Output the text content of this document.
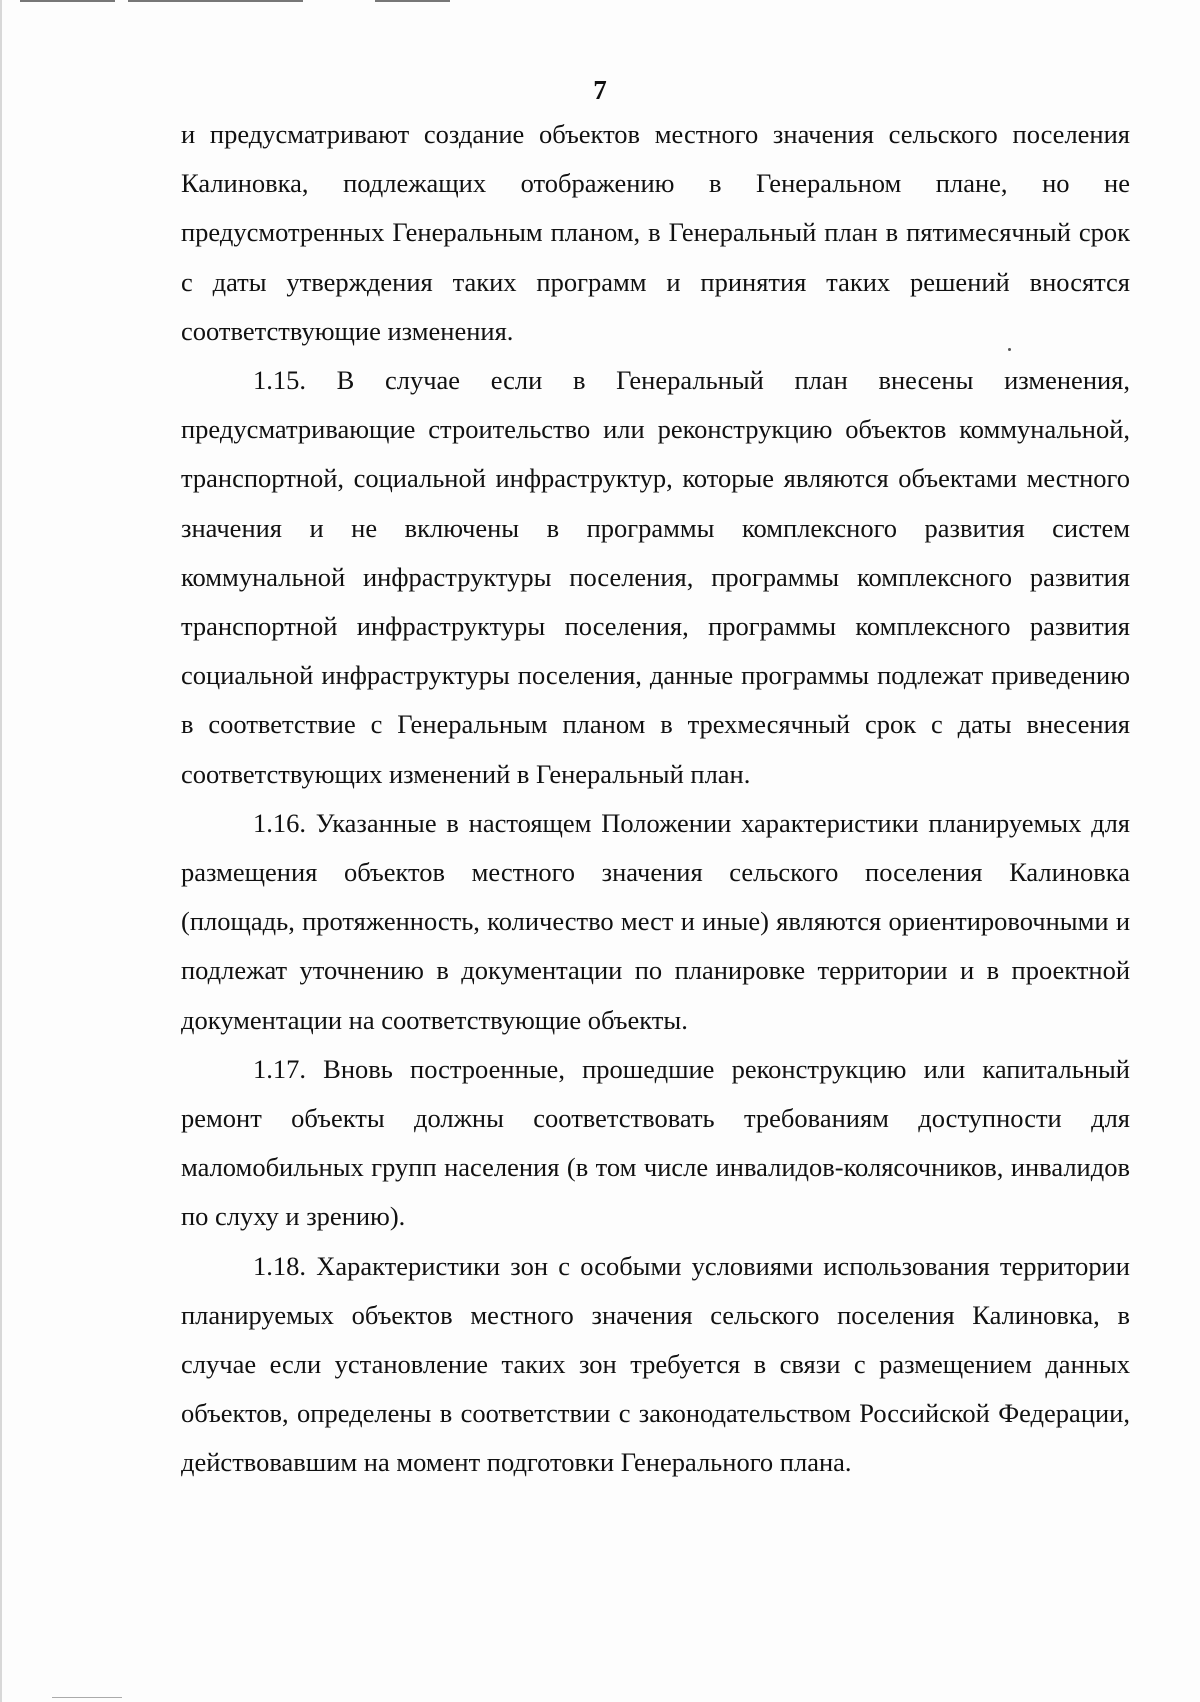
7

и предусматривают создание объектов местного значения сельского поселения Калиновка, подлежащих отображению в Генеральном плане, но не предусмотренных Генеральным планом, в Генеральный план в пятимесячный срок с даты утверждения таких программ и принятия таких решений вносятся соответствующие изменения.

1.15. В случае если в Генеральный план внесены изменения, предусматривающие строительство или реконструкцию объектов коммунальной, транспортной, социальной инфраструктур, которые являются объектами местного значения и не включены в программы комплексного развития систем коммунальной инфраструктуры поселения, программы комплексного развития транспортной инфраструктуры поселения, программы комплексного развития социальной инфраструктуры поселения, данные программы подлежат приведению в соответствие с Генеральным планом в трехмесячный срок с даты внесения соответствующих изменений в Генеральный план.

1.16. Указанные в настоящем Положении характеристики планируемых для размещения объектов местного значения сельского поселения Калиновка (площадь, протяженность, количество мест и иные) являются ориентировочными и подлежат уточнению в документации по планировке территории и в проектной документации на соответствующие объекты.

1.17. Вновь построенные, прошедшие реконструкцию или капитальный ремонт объекты должны соответствовать требованиям доступности для маломобильных групп населения (в том числе инвалидов-колясочников, инвалидов по слуху и зрению).

1.18. Характеристики зон с особыми условиями использования территории планируемых объектов местного значения сельского поселения Калиновка, в случае если установление таких зон требуется в связи с размещением данных объектов, определены в соответствии с законодательством Российской Федерации, действовавшим на момент подготовки Генерального плана.
